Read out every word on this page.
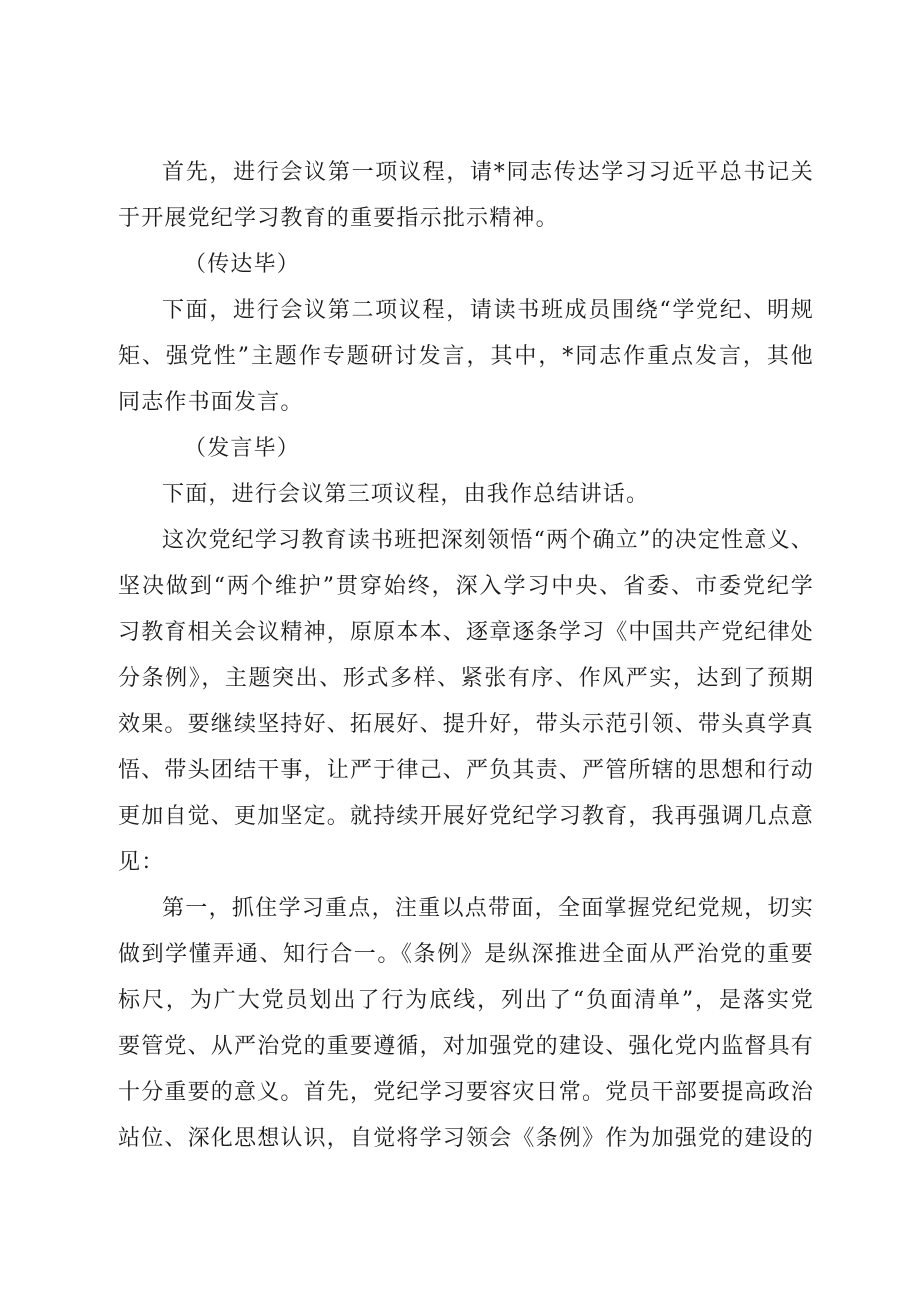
首先，进行会议第一项议程，请*同志传达学习习近平总书记关于开展党纪学习教育的重要指示批示精神。

（传达毕）

下面，进行会议第二项议程，请读书班成员围绕“学党纪、明规矩、强党性”主题作专题研讨发言，其中，*同志作重点发言，其他同志作书面发言。

（发言毕）

下面，进行会议第三项议程，由我作总结讲话。

这次党纪学习教育读书班把深刻领悟“两个确立”的决定性意义、坚决做到“两个维护”贯穿始终，深入学习中央、省委、市委党纪学习教育相关会议精神，原原本本、逐章逐条学习《中国共产党纪律处分条例》，主题突出、形式多样、紧张有序、作风严实，达到了预期效果。要继续坚持好、拓展好、提升好，带头示范引领、带头真学真悟、带头团结干事，让严于律己、严负其责、严管所辖的思想和行动更加自觉、更加坚定。就持续开展好党纪学习教育，我再强调几点意见：

第一，抓住学习重点，注重以点带面，全面掌握党纪党规，切实做到学懂弄通、知行合一。《条例》是纵深推进全面从严治党的重要标尺，为广大党员划出了行为底线，列出了“负面清单”，是落实党要管党、从严治党的重要遵循，对加强党的建设、强化党内监督具有十分重要的意义。首先，党纪学习要容灾日常。党员干部要提高政治站位、深化思想认识，自觉将学习领会《条例》作为加强党的建设的
